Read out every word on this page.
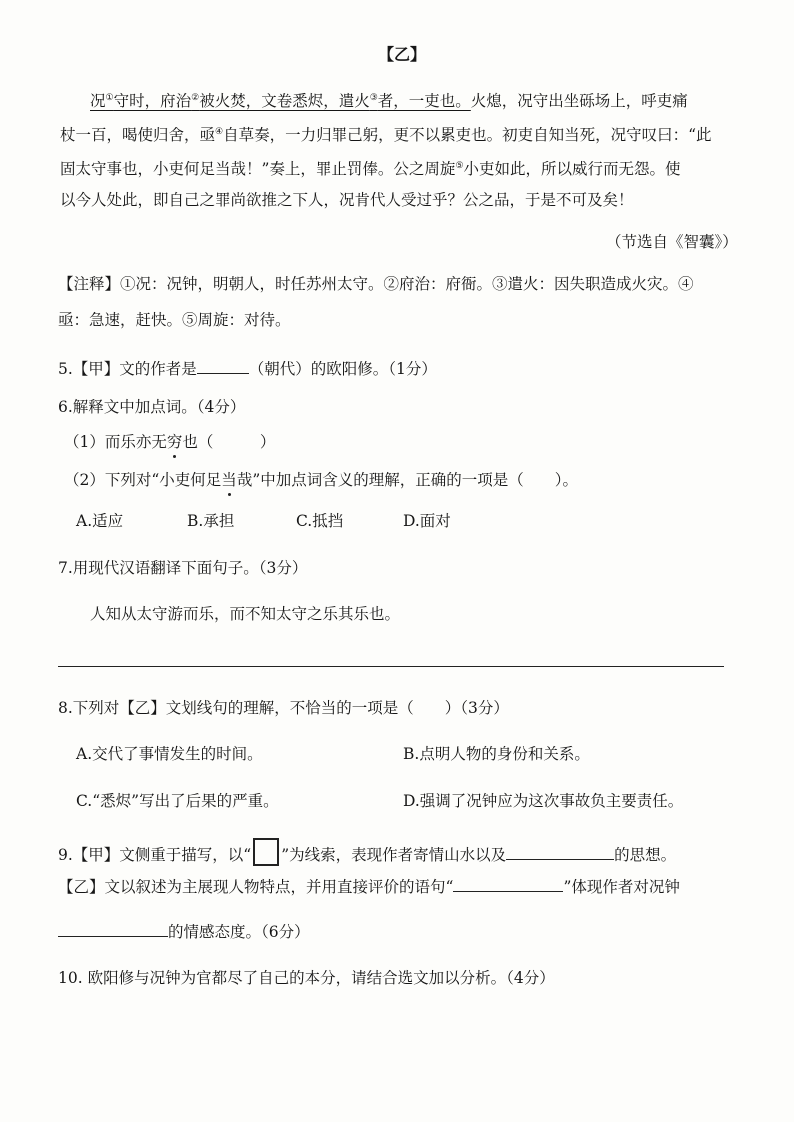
【乙】
况①守时，府治②被火焚，文卷悉烬，遣火③者，一吏也。火熄，况守出坐砾场上，呼吏痛
杖一百，喝使归舍，亟④自草奏，一力归罪己躬，更不以累吏也。初吏自知当死，况守叹曰：“此
固太守事也，小吏何足当哉！”奏上，罪止罚俸。公之周旋⑤小吏如此，所以威行而无怨。使
以今人处此，即自己之罪尚欲推之下人，况肯代人受过乎？公之品，于是不可及矣！
（节选自《智囊》）
【注释】①况：况钟，明朝人，时任苏州太守。②府治：府衙。③遣火：因失职造成火灾。④
亟：急速，赶快。⑤周旋：对待。
5.【甲】文的作者是	（朝代）的欧阳修。（1分）
6.解释文中加点词。（4分）
（1）而乐亦无穷也（　　　）
（2）下列对“小吏何足当哉”中加点词含义的理解，正确的一项是（　　）。
A.适应	B.承担	C.抵挡	D.面对
7.用现代汉语翻译下面句子。（3分）
人知从太守游而乐，而不知太守之乐其乐也。
8.下列对【乙】文划线句的理解，不恰当的一项是（　　）（3分）
A.交代了事情发生的时间。	B.点明人物的身份和关系。
C.“悉烬”写出了后果的严重。	D.强调了况钟应为这次事故负主要责任。
9.【甲】文侧重于描写，以“ ”为线索，表现作者寄情山水以及	的思想。
【乙】文以叙述为主展现人物特点，并用直接评价的语句“	”体现作者对况钟
的情感态度。（6分）
10. 欧阳修与况钟为官都尽了自己的本分，请结合选文加以分析。（4分）
